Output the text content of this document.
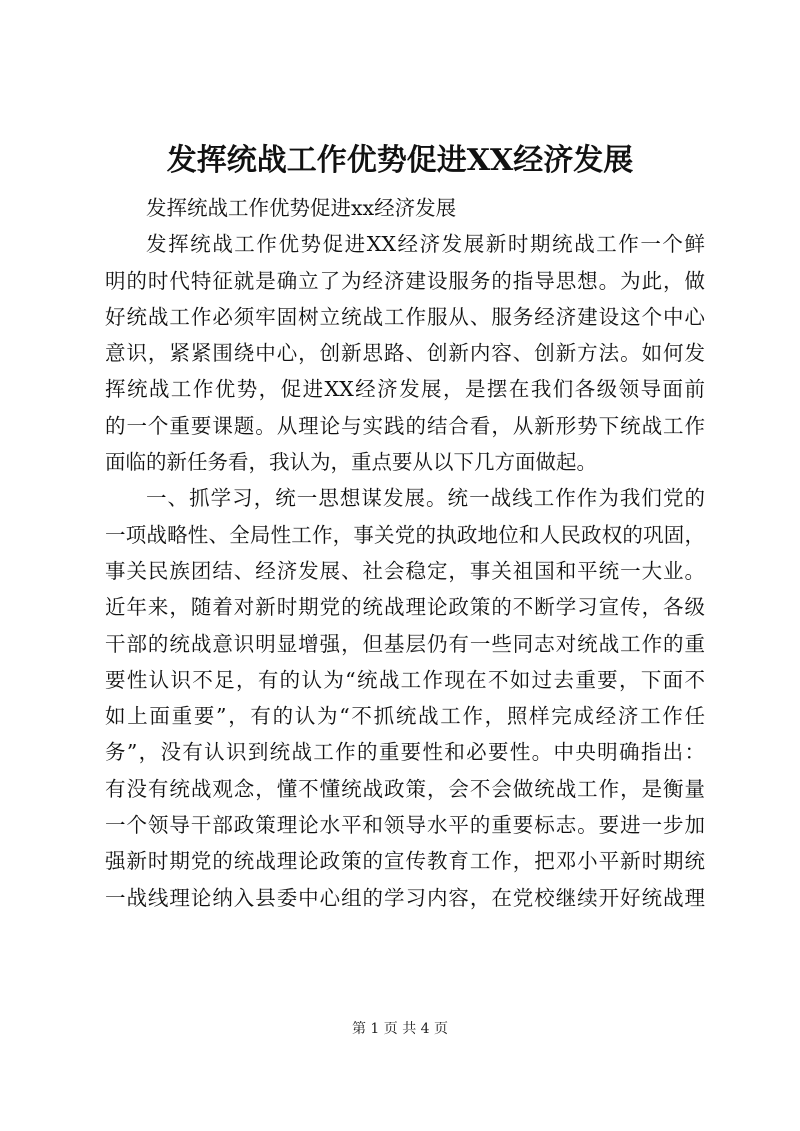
发挥统战工作优势促进XX经济发展
发挥统战工作优势促进xx经济发展
发挥统战工作优势促进XX经济发展新时期统战工作一个鲜
明的时代特征就是确立了为经济建设服务的指导思想。为此，做
好统战工作必须牢固树立统战工作服从、服务经济建设这个中心
意识，紧紧围绕中心，创新思路、创新内容、创新方法。如何发
挥统战工作优势，促进XX经济发展，是摆在我们各级领导面前
的一个重要课题。从理论与实践的结合看，从新形势下统战工作
面临的新任务看，我认为，重点要从以下几方面做起。
一、抓学习，统一思想谋发展。统一战线工作作为我们党的
一项战略性、全局性工作，事关党的执政地位和人民政权的巩固，
事关民族团结、经济发展、社会稳定，事关祖国和平统一大业。
近年来，随着对新时期党的统战理论政策的不断学习宣传，各级
干部的统战意识明显增强，但基层仍有一些同志对统战工作的重
要性认识不足，有的认为“统战工作现在不如过去重要，下面不
如上面重要”，有的认为“不抓统战工作，照样完成经济工作任
务”，没有认识到统战工作的重要性和必要性。中央明确指出：
有没有统战观念，懂不懂统战政策，会不会做统战工作，是衡量
一个领导干部政策理论水平和领导水平的重要标志。要进一步加
强新时期党的统战理论政策的宣传教育工作，把邓小平新时期统
一战线理论纳入县委中心组的学习内容，在党校继续开好统战理
第 1 页 共 4 页
